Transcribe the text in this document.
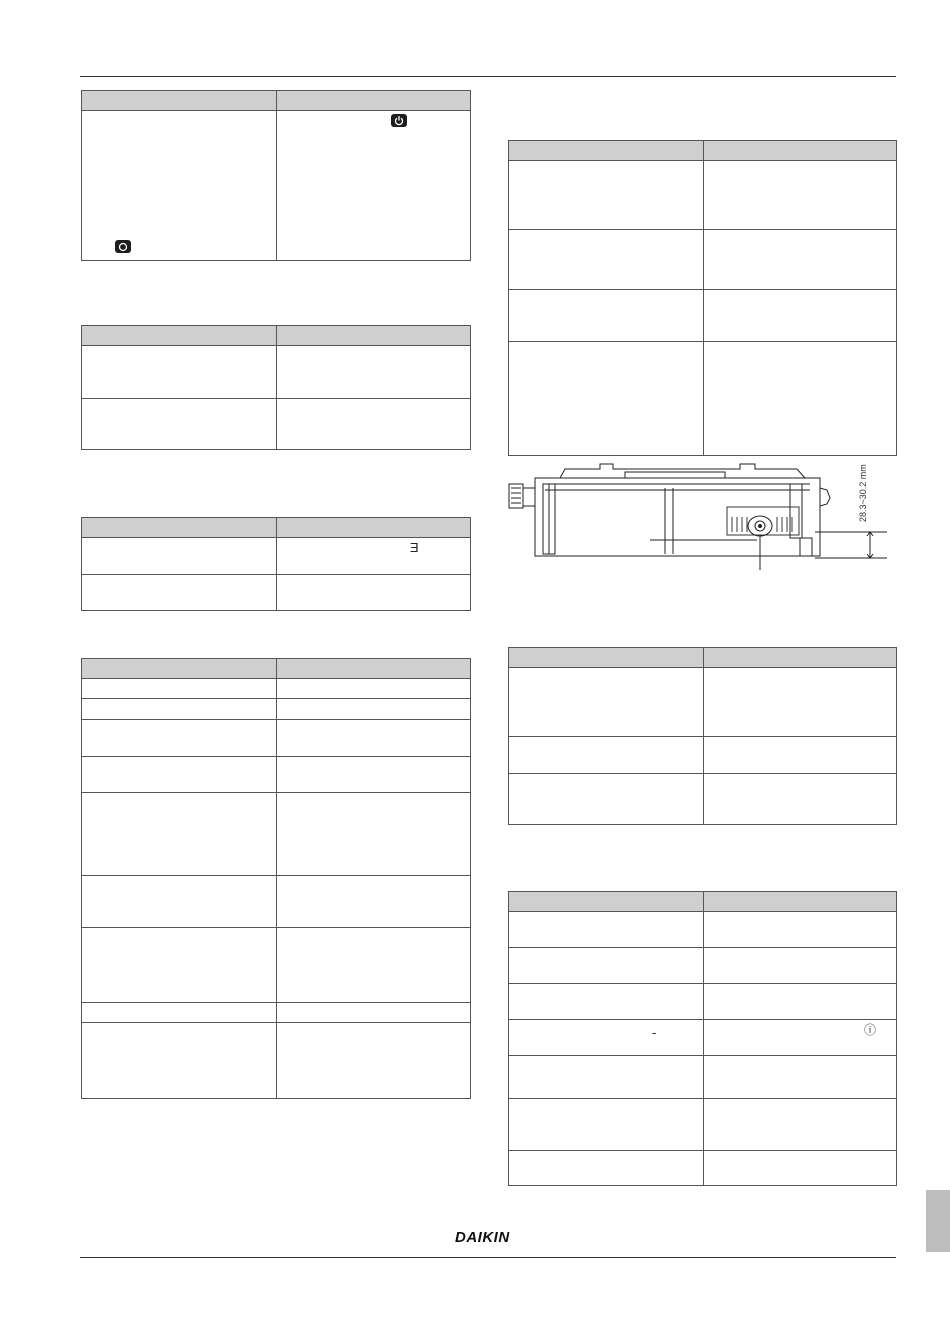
	E

28.3~30.2 mm

-	ⓘ

DAIKIN
